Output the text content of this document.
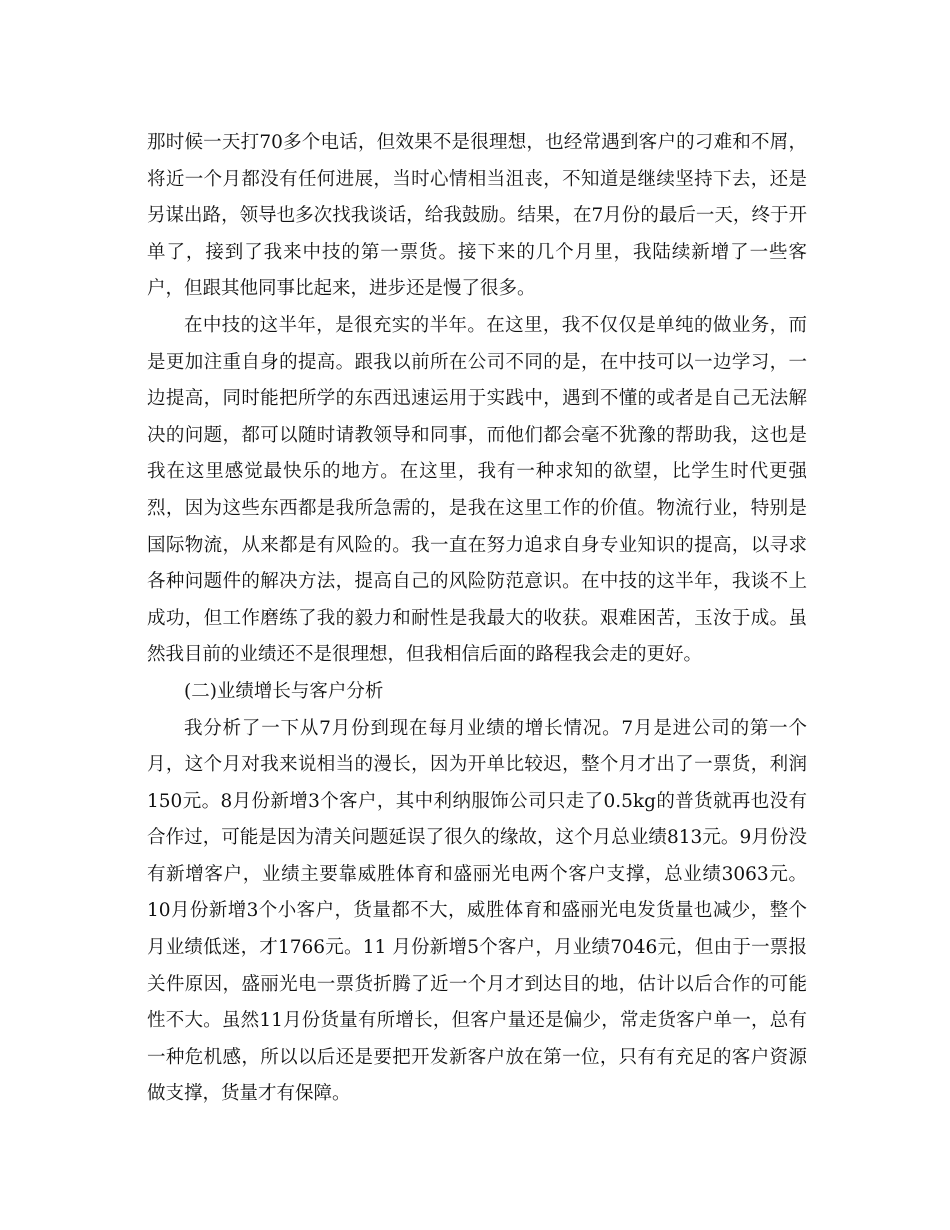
那时候一天打70多个电话，但效果不是很理想，也经常遇到客户的刁难和不屑，将近一个月都没有任何进展，当时心情相当沮丧，不知道是继续坚持下去，还是另谋出路，领导也多次找我谈话，给我鼓励。结果，在7月份的最后一天，终于开单了，接到了我来中技的第一票货。接下来的几个月里，我陆续新增了一些客户，但跟其他同事比起来，进步还是慢了很多。

在中技的这半年，是很充实的半年。在这里，我不仅仅是单纯的做业务，而是更加注重自身的提高。跟我以前所在公司不同的是，在中技可以一边学习，一边提高，同时能把所学的东西迅速运用于实践中，遇到不懂的或者是自己无法解决的问题，都可以随时请教领导和同事，而他们都会毫不犹豫的帮助我，这也是我在这里感觉最快乐的地方。在这里，我有一种求知的欲望，比学生时代更强烈，因为这些东西都是我所急需的，是我在这里工作的价值。物流行业，特别是国际物流，从来都是有风险的。我一直在努力追求自身专业知识的提高，以寻求各种问题件的解决方法，提高自己的风险防范意识。在中技的这半年，我谈不上成功，但工作磨练了我的毅力和耐性是我最大的收获。艰难困苦，玉汝于成。虽然我目前的业绩还不是很理想，但我相信后面的路程我会走的更好。

(二)业绩增长与客户分析

我分析了一下从7月份到现在每月业绩的增长情况。7月是进公司的第一个月，这个月对我来说相当的漫长，因为开单比较迟，整个月才出了一票货，利润150元。8月份新增3个客户，其中利纳服饰公司只走了0.5kg的普货就再也没有合作过，可能是因为清关问题延误了很久的缘故，这个月总业绩813元。9月份没有新增客户，业绩主要靠威胜体育和盛丽光电两个客户支撑，总业绩3063元。10月份新增3个小客户，货量都不大，威胜体育和盛丽光电发货量也减少，整个月业绩低迷，才1766元。11 月份新增5个客户，月业绩7046元，但由于一票报关件原因，盛丽光电一票货折腾了近一个月才到达目的地，估计以后合作的可能性不大。虽然11月份货量有所增长，但客户量还是偏少，常走货客户单一，总有一种危机感，所以以后还是要把开发新客户放在第一位，只有有充足的客户资源做支撑，货量才有保障。
